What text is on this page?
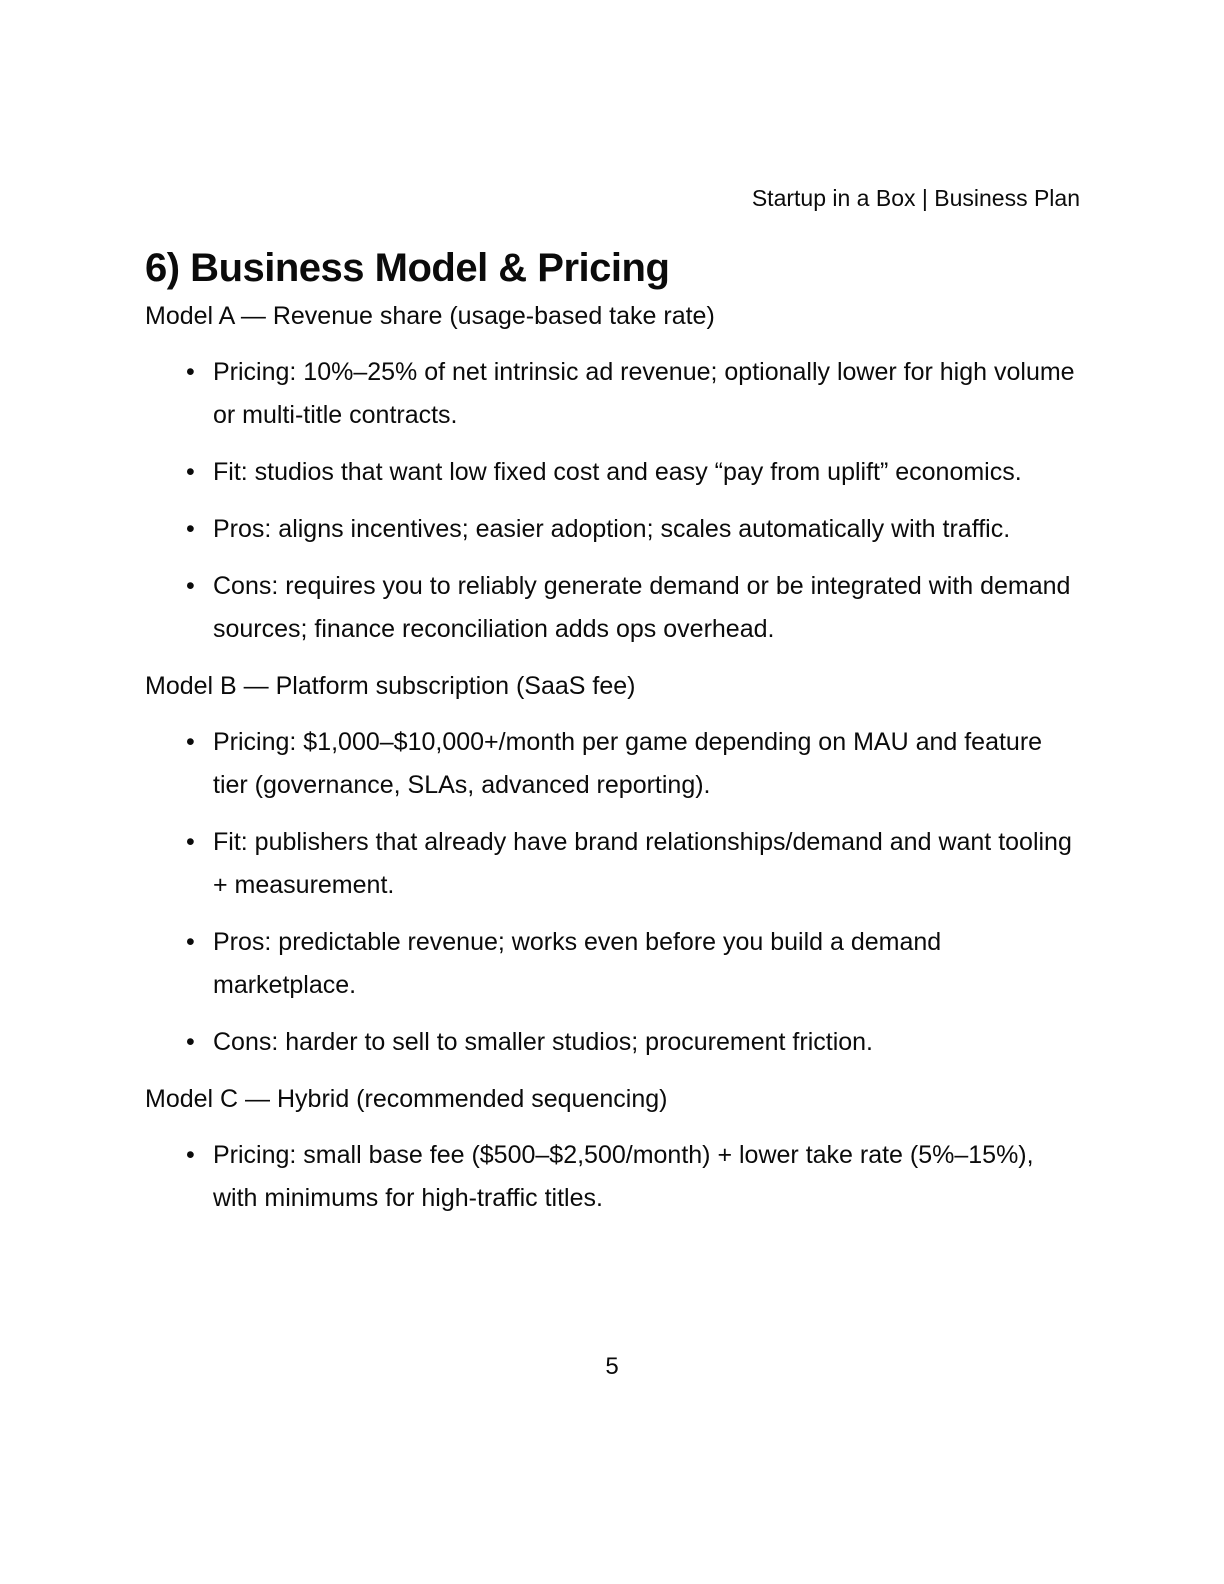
Startup in a Box | Business Plan
6) Business Model & Pricing

Model A — Revenue share (usage-based take rate)

• Pricing: 10%–25% of net intrinsic ad revenue; optionally lower for high volume or multi-title contracts.
• Fit: studios that want low fixed cost and easy “pay from uplift” economics.
• Pros: aligns incentives; easier adoption; scales automatically with traffic.
• Cons: requires you to reliably generate demand or be integrated with demand sources; finance reconciliation adds ops overhead.

Model B — Platform subscription (SaaS fee)

• Pricing: $1,000–$10,000+/month per game depending on MAU and feature tier (governance, SLAs, advanced reporting).
• Fit: publishers that already have brand relationships/demand and want tooling + measurement.
• Pros: predictable revenue; works even before you build a demand marketplace.
• Cons: harder to sell to smaller studios; procurement friction.

Model C — Hybrid (recommended sequencing)

• Pricing: small base fee ($500–$2,500/month) + lower take rate (5%–15%), with minimums for high-traffic titles.
5
